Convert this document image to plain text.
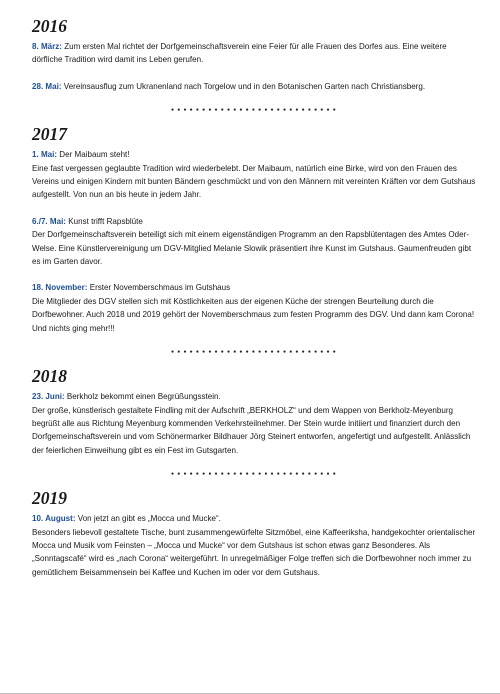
2016

8. März: Zum ersten Mal richtet der Dorfgemeinschaftsverein eine Feier für alle Frauen des Dorfes aus. Eine weitere dörfliche Tradition wird damit ins Leben gerufen.

28. Mai: Vereinsausflug zum Ukranenland nach Torgelow und in den Botanischen Garten nach Christiansberg.

●●●●●●●●●●●●●●●●●●●●●●●●●●●
2017

1. Mai: Der Maibaum steht!
Eine fast vergessen geglaubte Tradition wird wiederbelebt. Der Maibaum, natürlich eine Birke, wird von den Frauen des Vereins und einigen Kindern mit bunten Bändern geschmückt und von den Männern mit vereinten Kräften vor dem Gutshaus aufgestellt. Von nun an bis heute in jedem Jahr.

6./7. Mai: Kunst trifft Rapsblüte
Der Dorfgemeinschaftsverein beteiligt sich mit einem eigenständigen Programm an den Rapsblütentagen des Amtes Oder-Welse. Eine Künstlervereinigung um DGV-Mitglied Melanie Slowik präsentiert ihre Kunst im Gutshaus. Gaumenfreuden gibt es im Garten davor.

18. November: Erster Novemberschmaus im Gutshaus
Die Mitglieder des DGV stellen sich mit Köstlichkeiten aus der eigenen Küche der strengen Beurteilung durch die Dorfbewohner. Auch 2018 und 2019 gehört der Novemberschmaus zum festen Programm des DGV. Und dann kam Corona! Und nichts ging mehr!!!

●●●●●●●●●●●●●●●●●●●●●●●●●●●
2018

23. Juni: Berkholz bekommt einen Begrüßungsstein.
Der große, künstlerisch gestaltete Findling mit der Aufschrift „BERKHOLZ“ und dem Wappen von Berkholz-Meyenburg begrüßt alle aus Richtung Meyenburg kommenden Verkehrsteilnehmer. Der Stein wurde initiiert und finanziert durch den Dorfgemeinschaftsverein und vom Schönermarker Bildhauer Jörg Steinert entworfen, angefertigt und aufgestellt. Anlässlich der feierlichen Einweihung gibt es ein Fest im Gutsgarten.

●●●●●●●●●●●●●●●●●●●●●●●●●●●
2019

10. August: Von jetzt an gibt es „Mocca und Mucke“.
Besonders liebevoll gestaltete Tische, bunt zusammengewürfelte Sitzmöbel, eine Kaffeeriksha, handgekochter orientalischer Mocca und Musik vom Feinsten – „Mocca und Mucke“ vor dem Gutshaus ist schon etwas ganz Besonderes. Als „Sonntagscafé“ wird es „nach Corona“ weitergeführt. In unregelmäßiger Folge treffen sich die Dorfbewohner noch immer zu gemütlichem Beisammensein bei Kaffee und Kuchen im oder vor dem Gutshaus.
